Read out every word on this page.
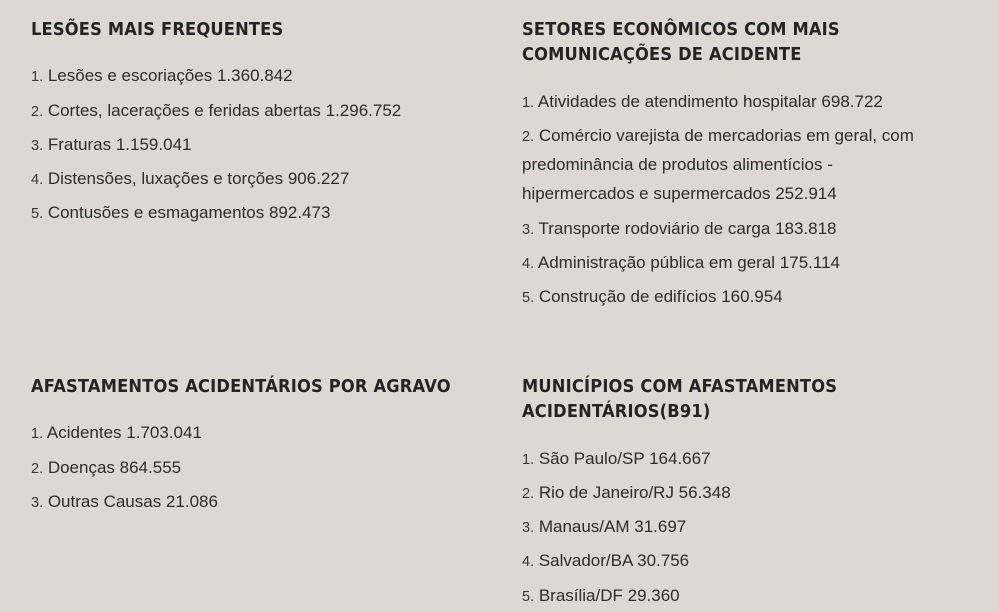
LESÕES MAIS FREQUENTES
1. Lesões e escoriações 1.360.842
2. Cortes, lacerações e feridas abertas 1.296.752
3. Fraturas 1.159.041
4. Distensões, luxações e torções 906.227
5. Contusões e esmagamentos 892.473
SETORES ECONÔMICOS COM MAIS COMUNICAÇÕES DE ACIDENTE
1. Atividades de atendimento hospitalar 698.722
2. Comércio varejista de mercadorias em geral, com predominância de produtos alimentícios - hipermercados e supermercados 252.914
3. Transporte rodoviário de carga 183.818
4. Administração pública em geral 175.114
5. Construção de edifícios 160.954
AFASTAMENTOS ACIDENTÁRIOS POR AGRAVO
1. Acidentes 1.703.041
2. Doenças 864.555
3. Outras Causas 21.086
MUNICÍPIOS COM AFASTAMENTOS ACIDENTÁRIOS(B91)
1. São Paulo/SP 164.667
2. Rio de Janeiro/RJ 56.348
3. Manaus/AM 31.697
4. Salvador/BA 30.756
5. Brasília/DF 29.360
